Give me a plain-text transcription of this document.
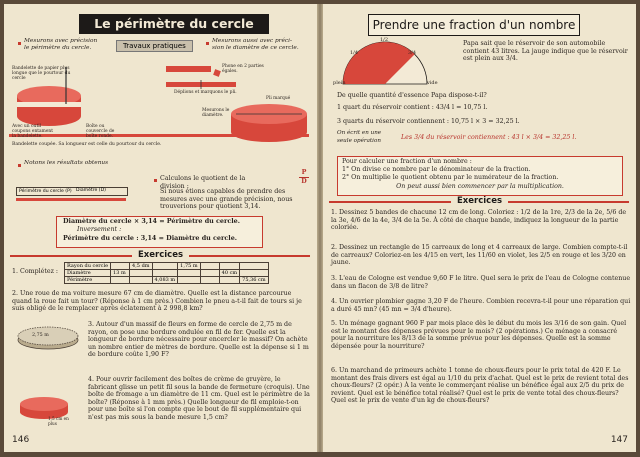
Le périmètre du cercle
Mesurons avec précision
le périmètre du cercle.	Travaux pratiques
Mesurons aussi avec préci-
sion le diamètre de ce cercle.
Bandelette de papier plus longue que le pourtour du cercle
Avec un outil coupons entament la bandelette.
Boîte ou couvercle de boîte ronde.
Phone en 2 parties égales.
Déplions et marquons le pli.
Mesurons le diamètre.
Pli marqué
Bandelette coupée. Sa longueur est celle du pourtour du cercle.
Notons les résultats obtenus
Périmètre du cercle (P) Diamètre (D)
Calculons le quotient de la division :
P
D
Si nous étions capables de prendre des mesures avec une grande précision, nous trouverions pour quotient 3,14.
Diamètre du cercle × 3,14 = Périmètre du cercle.
Inversement :
Périmètre du cercle : 3,14 = Diamètre du cercle.
Exercices
1. Complétez :
Rayon du cercle		4,5 dm		1,75 m			
Diamètre	13 m					40 cm	
Périmètre			4,083 m				75,36 cm
2. Une roue de ma voiture mesure 67 cm de diamètre. Quelle est la distance parcourue quand la roue fait un tour? (Réponse à 1 cm près.) Combien le pneu a-t-il fait de tours si je suis obligé de le remplacer après éclatement à 2 998,8 km?
2,75 m
3. Autour d'un massif de fleurs en forme de cercle de 2,75 m de rayon, on pose une bordure ondulée en fil de fer. Quelle est la longueur de bordure nécessaire pour encercler le massif? On achète un nombre entier de mètres de bordure. Quelle est la dépense si 1 m de bordure coûte 1,90 F?
1,5 cm en plus
4. Pour ouvrir facilement des boîtes de crème de gruyère, le fabricant glisse un petit fil sous la bande de fermeture (croquis). Une boîte de fromage a un diamètre de 11 cm. Quel est le périmètre de la boîte? (Réponse à 1 mm près.) Quelle longueur de fil emploie-t-on pour une boîte si l'on compte que le bout de fil supplémentaire qui n'est pas mis sous la bande mesure 1,5 cm?
146
Prendre une fraction d'un nombre
plein	vide
1/4
1/2
3/4
Papa sait que le réservoir de son automobile contient 43 litres. La jauge indique que le réservoir est plein aux 3/4.
De quelle quantité d'essence Papa dispose-t-il?
1 quart du réservoir contient : 43/4 l = 10,75 l.
3 quarts du réservoir contiennent : 10,75 l × 3 = 32,25 l.
On écrit en une seule opération	Les 3/4 du réservoir contiennent : 43 l × 3/4 = 32,25 l.
Pour calculer une fraction d'un nombre :
1° On divise ce nombre par le dénominateur de la fraction.
2° On multiplie le quotient obtenu par le numérateur de la fraction.
On peut aussi bien commencer par la multiplication.
Exercices
1. Dessinez 5 bandes de chacune 12 cm de long. Coloriez : 1/2 de la 1re, 2/3 de la 2e, 5/6 de la 3e, 4/6 de la 4e, 3/4 de la 5e. À côté de chaque bande, indiquez la longueur de la partie coloriée.
2. Dessinez un rectangle de 15 carreaux de long et 4 carreaux de large. Combien compte-t-il de carreaux? Coloriez-en les 4/15 en vert, les 11/60 en violet, les 2/5 en rouge et les 3/20 en jaune.
3. L'eau de Cologne est vendue 9,60 F le litre. Quel sera le prix de l'eau de Cologne contenue dans un flacon de 3/8 de litre?
4. Un ouvrier plombier gagne 3,20 F de l'heure. Combien recevra-t-il pour une réparation qui a duré 45 mn? (45 mn = 3/4 d'heure).
5. Un ménage gagnant 960 F par mois place dès le début du mois les 3/16 de son gain. Quel est le montant des dépenses prévues pour le mois? (2 opérations.) Ce ménage a consacré pour la nourriture les 8/13 de la somme prévue pour les dépenses. Quelle est la somme dépensée pour la nourriture?
6. Un marchand de primeurs achète 1 tonne de choux-fleurs pour le prix total de 420 F. Le montant des frais divers est égal au 1/10 du prix d'achat. Quel est le prix de revient total des choux-fleurs? (2 opér.) À la vente le commerçant réalise un bénéfice égal aux 2/5 du prix de revient. Quel est le bénéfice total réalisé? Quel est le prix de vente total des choux-fleurs? Quel est le prix de vente d'un kg de choux-fleurs?
147
